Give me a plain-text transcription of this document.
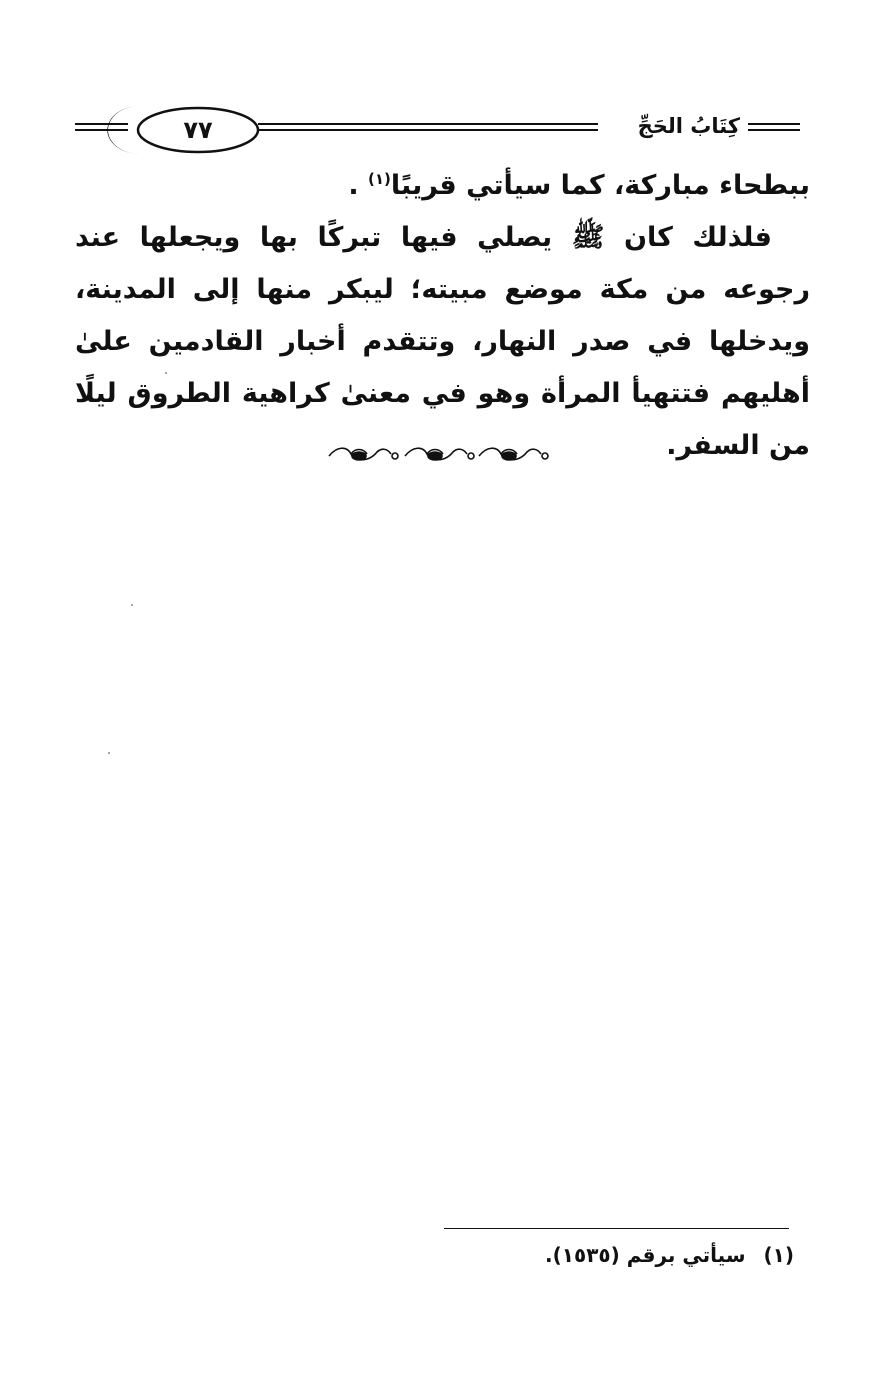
٧٧	كِتَابُ الحَجِّ

ببطحاء مباركة، كما سيأتي قريبًا$^{(١)}$ .

فلذلك كان ﷺ يصلي فيها تبركًا بها ويجعلها عند رجوعه من مكة موضع مبيته؛ ليبكر منها إلى المدينة، ويدخلها في صدر النهار، وتتقدم أخبار القادمين علىٰ أهليهم فتتهيأ المرأة وهو في معنىٰ كراهية الطروق ليلًا من السفر.

(١)سيأتي برقم (١٥٣٥).
